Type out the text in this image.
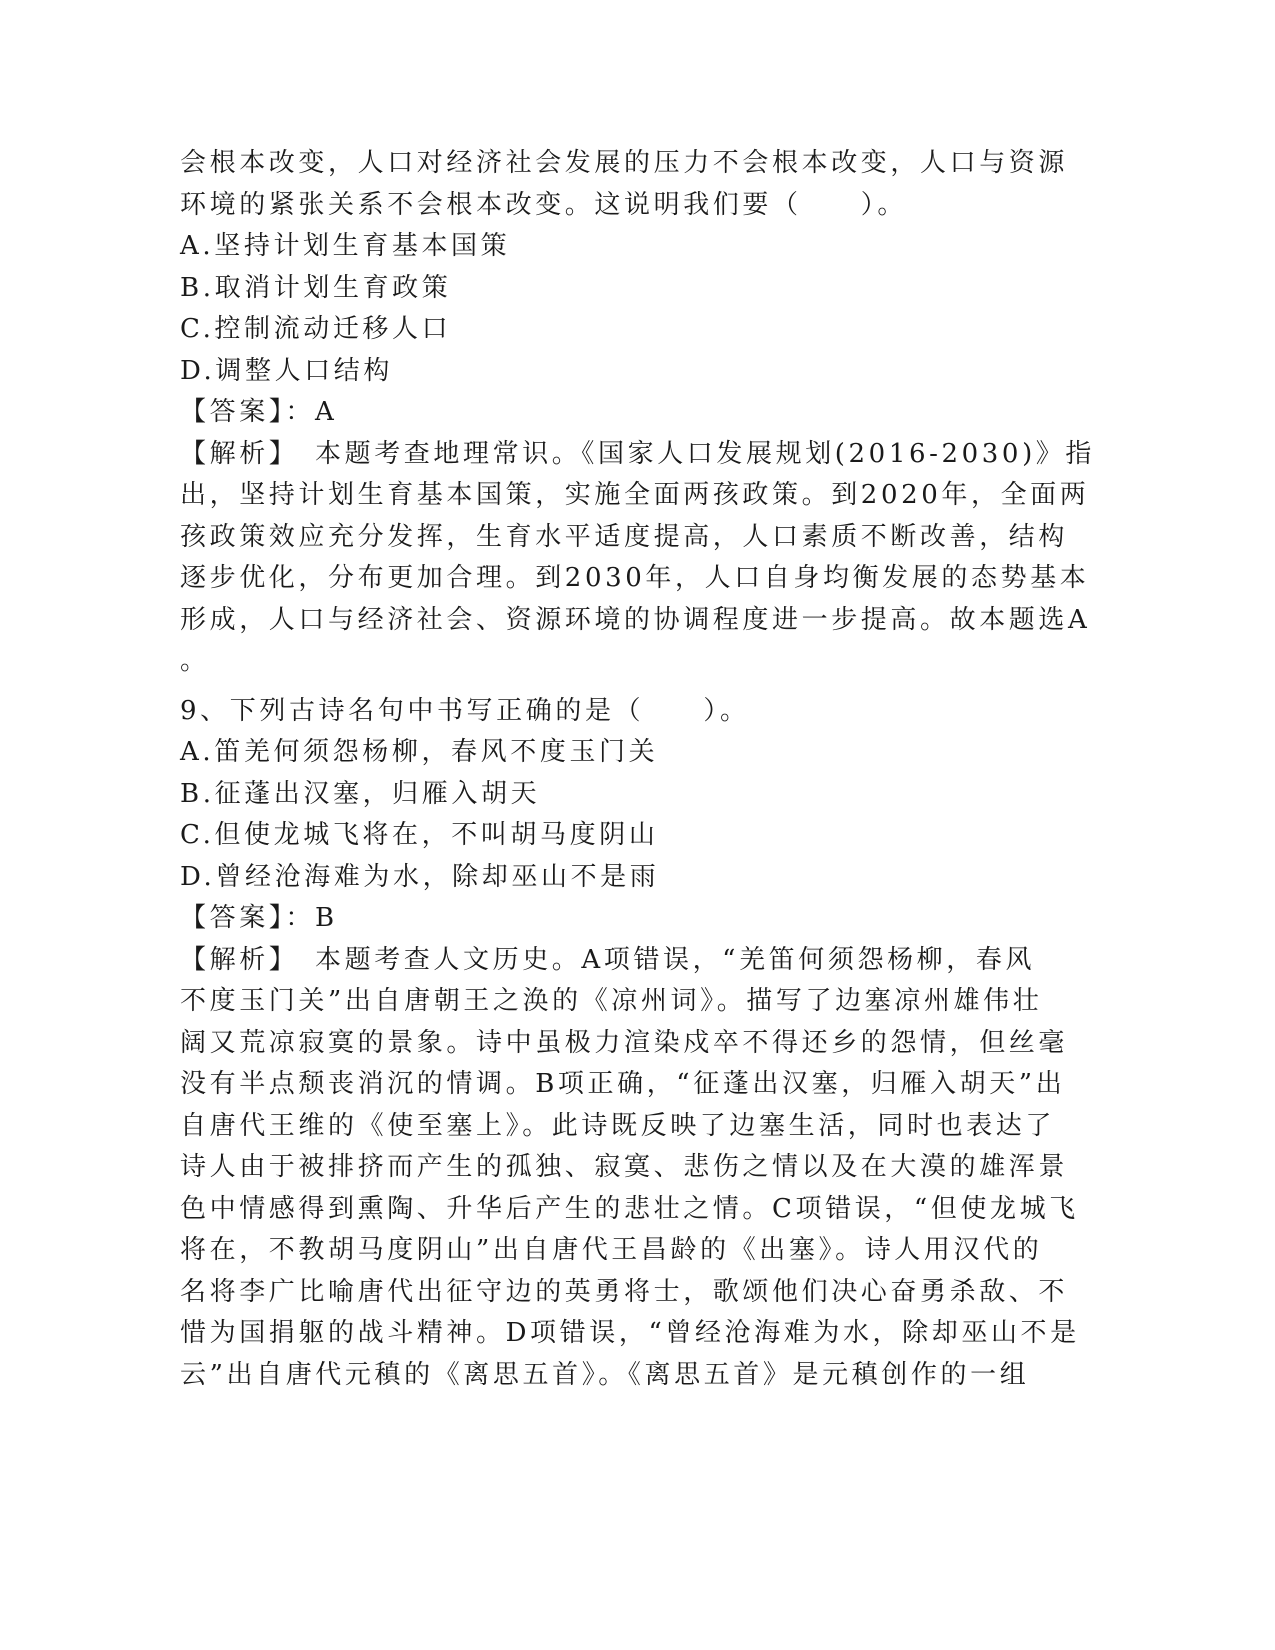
会根本改变，人口对经济社会发展的压力不会根本改变，人口与资源
环境的紧张关系不会根本改变。这说明我们要（　　）。
A.坚持计划生育基本国策
B.取消计划生育政策
C.控制流动迁移人口
D.调整人口结构
【答案】：A
【解析】　本题考查地理常识。《国家人口发展规划(2016-2030)》指
出，坚持计划生育基本国策，实施全面两孩政策。到2020年，全面两
孩政策效应充分发挥，生育水平适度提高，人口素质不断改善，结构
逐步优化，分布更加合理。到2030年，人口自身均衡发展的态势基本
形成，人口与经济社会、资源环境的协调程度进一步提高。故本题选A
。
9、下列古诗名句中书写正确的是（　　）。
A.笛羌何须怨杨柳，春风不度玉门关
B.征蓬出汉塞，归雁入胡天
C.但使龙城飞将在，不叫胡马度阴山
D.曾经沧海难为水，除却巫山不是雨
【答案】：B
【解析】　本题考查人文历史。A项错误，“羌笛何须怨杨柳，春风
不度玉门关”出自唐朝王之涣的《凉州词》。描写了边塞凉州雄伟壮
阔又荒凉寂寞的景象。诗中虽极力渲染戍卒不得还乡的怨情，但丝毫
没有半点颓丧消沉的情调。B项正确，“征蓬出汉塞，归雁入胡天”出
自唐代王维的《使至塞上》。此诗既反映了边塞生活，同时也表达了
诗人由于被排挤而产生的孤独、寂寞、悲伤之情以及在大漠的雄浑景
色中情感得到熏陶、升华后产生的悲壮之情。C项错误，“但使龙城飞
将在，不教胡马度阴山”出自唐代王昌龄的《出塞》。诗人用汉代的
名将李广比喻唐代出征守边的英勇将士，歌颂他们决心奋勇杀敌、不
惜为国捐躯的战斗精神。D项错误，“曾经沧海难为水，除却巫山不是
云”出自唐代元稹的《离思五首》。《离思五首》是元稹创作的一组
